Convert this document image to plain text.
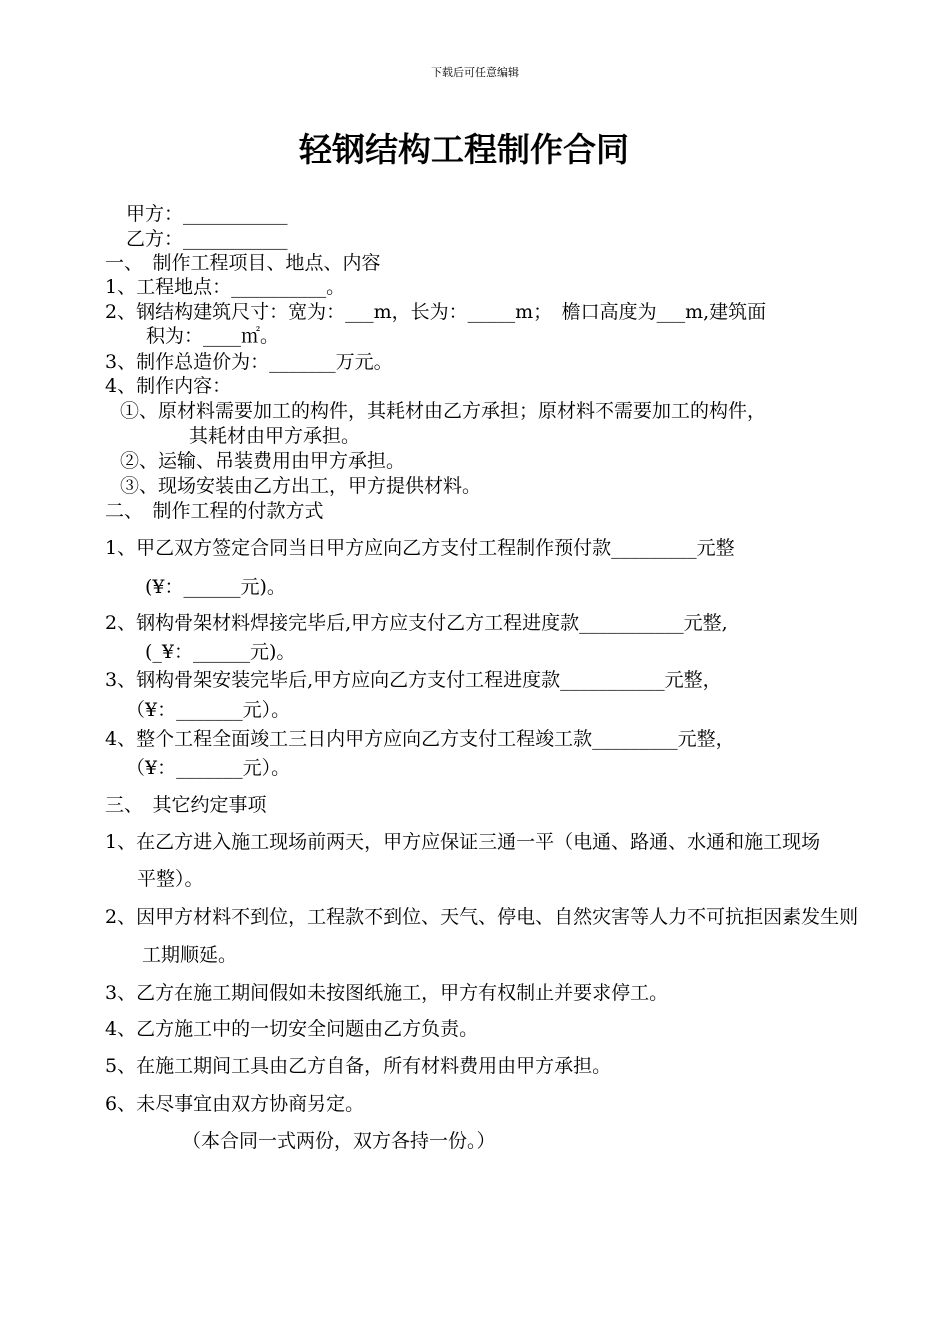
下载后可任意编辑
轻钢结构工程制作合同
甲方：___________
乙方：___________
一、　制作工程项目、地点、内容
1、工程地点：__________。
2、钢结构建筑尺寸：宽为：___m，长为：_____m；　檐口高度为___m,建筑面
积为：____㎡。
3、制作总造价为：_______万元。
4、制作内容：
①、原材料需要加工的构件，其耗材由乙方承担；原材料不需要加工的构件，
其耗材由甲方承担。
②、运输、吊装费用由甲方承担。
③、现场安装由乙方出工，甲方提供材料。
二、　制作工程的付款方式
1、甲乙双方签定合同当日甲方应向乙方支付工程制作预付款_________元整
(¥：______元)。
2、钢构骨架材料焊接完毕后,甲方应支付乙方工程进度款___________元整,
(_¥：______元)。
3、钢构骨架安装完毕后,甲方应向乙方支付工程进度款___________元整，
（¥：_______元）。
4、整个工程全面竣工三日内甲方应向乙方支付工程竣工款_________元整，
（¥：_______元）。
三、　其它约定事项
1、在乙方进入施工现场前两天，甲方应保证三通一平（电通、路通、水通和施工现场
平整）。
2、因甲方材料不到位，工程款不到位、天气、停电、自然灾害等人力不可抗拒因素发生则
工期顺延。
3、乙方在施工期间假如未按图纸施工，甲方有权制止并要求停工。
4、乙方施工中的一切安全问题由乙方负责。
5、在施工期间工具由乙方自备，所有材料费用由甲方承担。
6、未尽事宜由双方协商另定。
（本合同一式两份，双方各持一份。）
